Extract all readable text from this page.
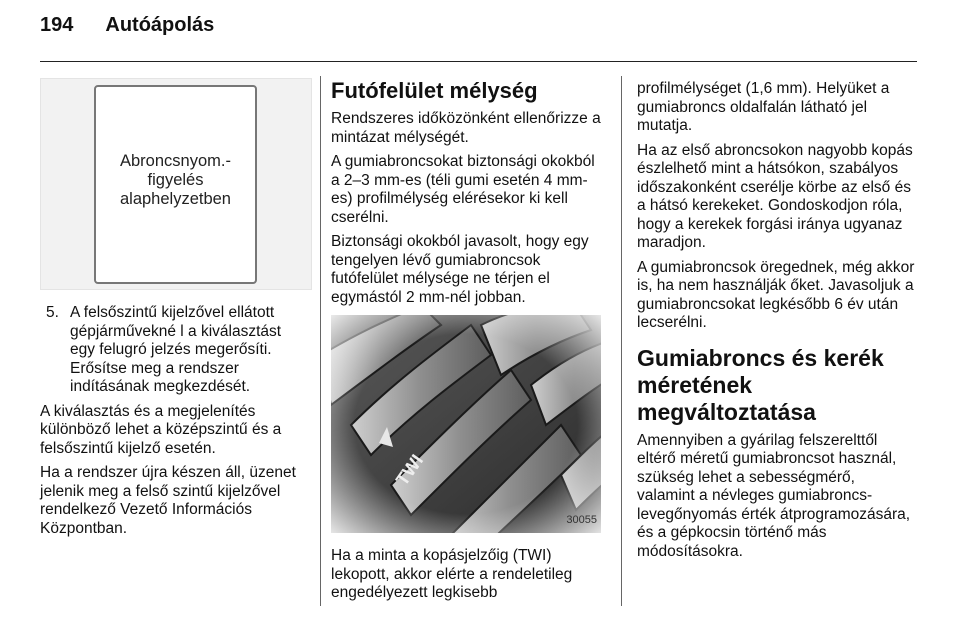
194 Autóápolás
Abroncsnyom.-
figyelés
alaphelyzetben
5. A felsőszintű kijelzővel ellátott gépjárművekné l a kiválasztást egy felugró jelzés megerősíti. Erősítse meg a rendszer indításának megkezdését.

A kiválasztás és a megjelenítés különböző lehet a középszintű és a felsőszintű kijelző esetén.

Ha a rendszer újra készen áll, üzenet jelenik meg a felső szintű kijelzővel rendelkező Vezető Információs Központban.

Futófelület mélység

Rendszeres időközönként ellenőrizze a mintázat mélységét.

A gumiabroncsokat biztonsági okokból a 2–3 mm-es (téli gumi esetén 4 mm-es) profilmélység elérésekor ki kell cserélni.

Biztonsági okokból javasolt, hogy egy tengelyen lévő gumiabroncsok futófelület mélysége ne térjen el egymástól 2 mm-nél jobban.

30055

Ha a minta a kopásjelzőig (TWI) lekopott, akkor elérte a rendeletileg engedélyezett legkisebb

profilmélységet (1,6 mm). Helyüket a gumiabroncs oldalfalán látható jel mutatja.

Ha az első abroncsokon nagyobb kopás észlelhető mint a hátsókon, szabályos időszakonként cserélje körbe az első és a hátsó kerekeket. Gondoskodjon róla, hogy a kerekek forgási iránya ugyanaz maradjon.

A gumiabroncsok öregednek, még akkor is, ha nem használják őket. Javasoljuk a gumiabroncsokat legkésőbb 6 év után lecserélni.

Gumiabroncs és kerék méretének megváltoztatása

Amennyiben a gyárilag felszerelttől eltérő méretű gumiabroncsot használ, szükség lehet a sebességmérő, valamint a névleges gumiabroncs-levegőnyomás érték átprogramozására, és a gépkocsin történő más módosításokra.
